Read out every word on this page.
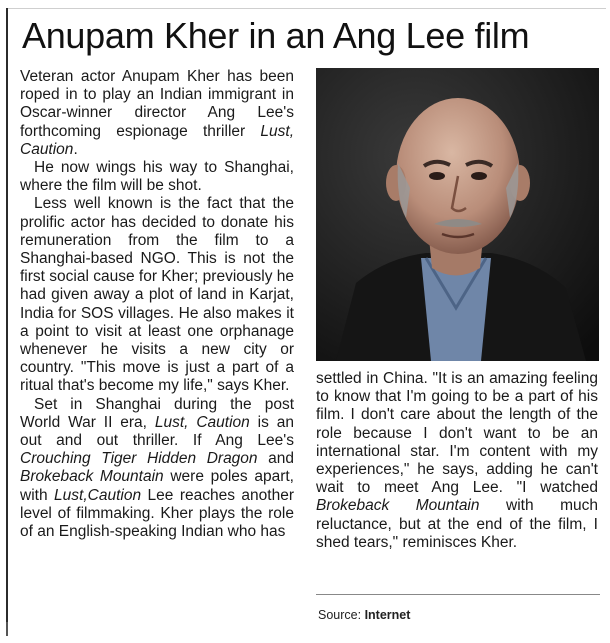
Anupam Kher in an Ang Lee film

Veteran actor Anupam Kher has been roped in to play an Indian immigrant in Oscar-winner director Ang Lee's forthcoming espionage thriller Lust, Caution.

He now wings his way to Shanghai, where the film will be shot.

Less well known is the fact that the prolific actor has decided to donate his remuneration from the film to a Shanghai-based NGO. This is not the first social cause for Kher; previously he had given away a plot of land in Karjat, India for SOS villages. He also makes it a point to visit at least one orphanage whenever he visits a new city or country. "This move is just a part of a ritual that's become my life," says Kher.

Set in Shanghai during the post World War II era, Lust, Caution is an out and out thriller. If Ang Lee's Crouching Tiger Hidden Dragon and Brokeback Mountain were poles apart, with Lust,Caution Lee reaches another level of filmmaking. Kher plays the role of an English-speaking Indian who has

settled in China. "It is an amazing feeling to know that I'm going to be a part of his film. I don't care about the length of the role because I don't want to be an international star. I'm content with my experiences," he says, adding he can't wait to meet Ang Lee. "I watched Brokeback Mountain with much reluctance, but at the end of the film, I shed tears," reminisces Kher.

Source: Internet
